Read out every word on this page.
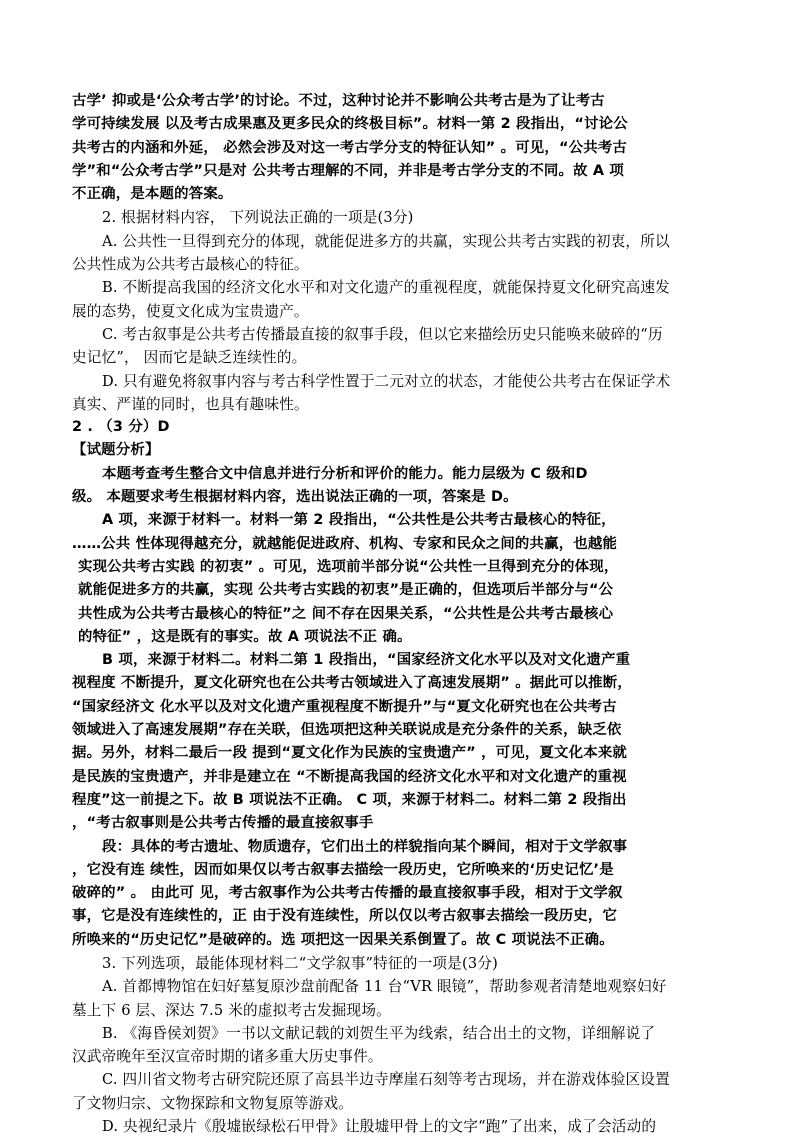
古学’ 抑或是‘公众考古学’的讨论。不过，这种讨论并不影响公共考古是为了让考古
学可持续发展 以及考古成果惠及更多民众的终极目标”。材料一第 2 段指出，“讨论公
共考古的内涵和外延， 必然会涉及对这一考古学分支的特征认知” 。可见，“公共考古
学”和“公众考古学”只是对 公共考古理解的不同，并非是考古学分支的不同。故 A 项
不正确，是本题的答案。
2. 根据材料内容， 下列说法正确的一项是(3分)
A. 公共性一旦得到充分的体现，就能促进多方的共赢，实现公共考古实践的初衷，所以
公共性成为公共考古最核心的特征。
B. 不断提高我国的经济文化水平和对文化遗产的重视程度，就能保持夏文化研究高速发
展的态势，使夏文化成为宝贵遗产。
C. 考古叙事是公共考古传播最直接的叙事手段，但以它来描绘历史只能唤来破碎的“历
史记忆”， 因而它是缺乏连续性的。
D. 只有避免将叙事内容与考古科学性置于二元对立的状态，才能使公共考古在保证学术
真实、严谨的同时，也具有趣味性。
2 . （3 分）D
【试题分析】
本题考查考生整合文中信息并进行分析和评价的能力。能力层级为 C 级和D
级。 本题要求考生根据材料内容，选出说法正确的一项，答案是 D。
A 项，来源于材料一。材料一第 2 段指出，“公共性是公共考古最核心的特征，
……公共 性体现得越充分，就越能促进政府、机构、专家和民众之间的共赢，也越能
实现公共考古实践 的初衷” 。可见，选项前半部分说“公共性一旦得到充分的体现，
就能促进多方的共赢，实现 公共考古实践的初衷”是正确的，但选项后半部分与“公
共性成为公共考古最核心的特征”之 间不存在因果关系，“公共性是公共考古最核心
的特征” ，这是既有的事实。故 A 项说法不正 确。
B 项，来源于材料二。材料二第 1 段指出，“国家经济文化水平以及对文化遗产重
视程度 不断提升，夏文化研究也在公共考古领域进入了高速发展期” 。据此可以推断，
“国家经济文 化水平以及对文化遗产重视程度不断提升”与“夏文化研究也在公共考古
领域进入了高速发展期”存在关联，但选项把这种关联说成是充分条件的关系，缺乏依
据。另外，材料二最后一段 提到“夏文化作为民族的宝贵遗产” ，可见，夏文化本来就
是民族的宝贵遗产，并非是建立在 “不断提高我国的经济文化水平和对文化遗产的重视
程度”这一前提之下。故 B 项说法不正确。 C 项，来源于材料二。材料二第 2 段指出
，“考古叙事则是公共考古传播的最直接叙事手
段：具体的考古遗址、物质遗存，它们出土的样貌指向某个瞬间，相对于文学叙事
，它没有连 续性，因而如果仅以考古叙事去描绘一段历史，它所唤来的‘历史记忆’是
破碎的” 。 由此可 见，考古叙事作为公共考古传播的最直接叙事手段，相对于文学叙
事，它是没有连续性的，正 由于没有连续性，所以仅以考古叙事去描绘一段历史，它
所唤来的“历史记忆”是破碎的。选 项把这一因果关系倒置了。故 C 项说法不正确。
3. 下列选项，最能体现材料二“文学叙事”特征的一项是(3分)
A. 首都博物馆在妇好墓复原沙盘前配备 11 台“VR 眼镜”，帮助参观者清楚地观察妇好
墓上下 6 层、深达 7.5 米的虚拟考古发掘现场。
B. 《海昏侯刘贺》一书以文献记载的刘贺生平为线索，结合出土的文物，详细解说了
汉武帝晚年至汉宣帝时期的诸多重大历史事件。
C. 四川省文物考古研究院还原了高县半边寺摩崖石刻等考古现场，并在游戏体验区设置
了文物归宗、文物探踪和文物复原等游戏。
D. 央视纪录片《殷墟嵌绿松石甲骨》让殷墟甲骨上的文字“跑”了出来，成了会活动的
